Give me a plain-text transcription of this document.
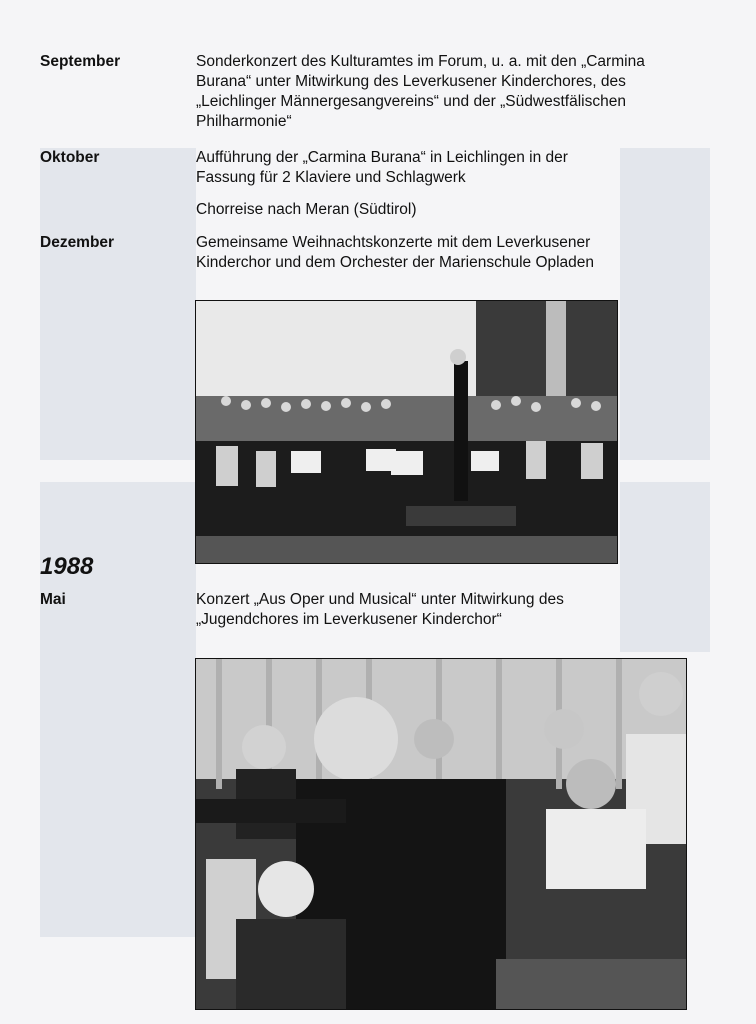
September	Sonderkonzert des Kulturamtes im Forum, u. a. mit den „Carmina
Burana“ unter Mitwirkung des Leverkusener Kinderchores, des
„Leichlinger Männergesangvereins“ und der „Südwestfälischen
Philharmonie“
Oktober	Aufführung der „Carmina Burana“ in Leichlingen in der
Fassung für 2 Klaviere und Schlagwerk
Chorreise nach Meran (Südtirol)
Dezember	Gemeinsame Weihnachtskonzerte mit dem Leverkusener
Kinderchor und dem Orchester der Marienschule Opladen
1988
Mai	Konzert „Aus Oper und Musical“ unter Mitwirkung des
„Jugendchores im Leverkusener Kinderchor“
